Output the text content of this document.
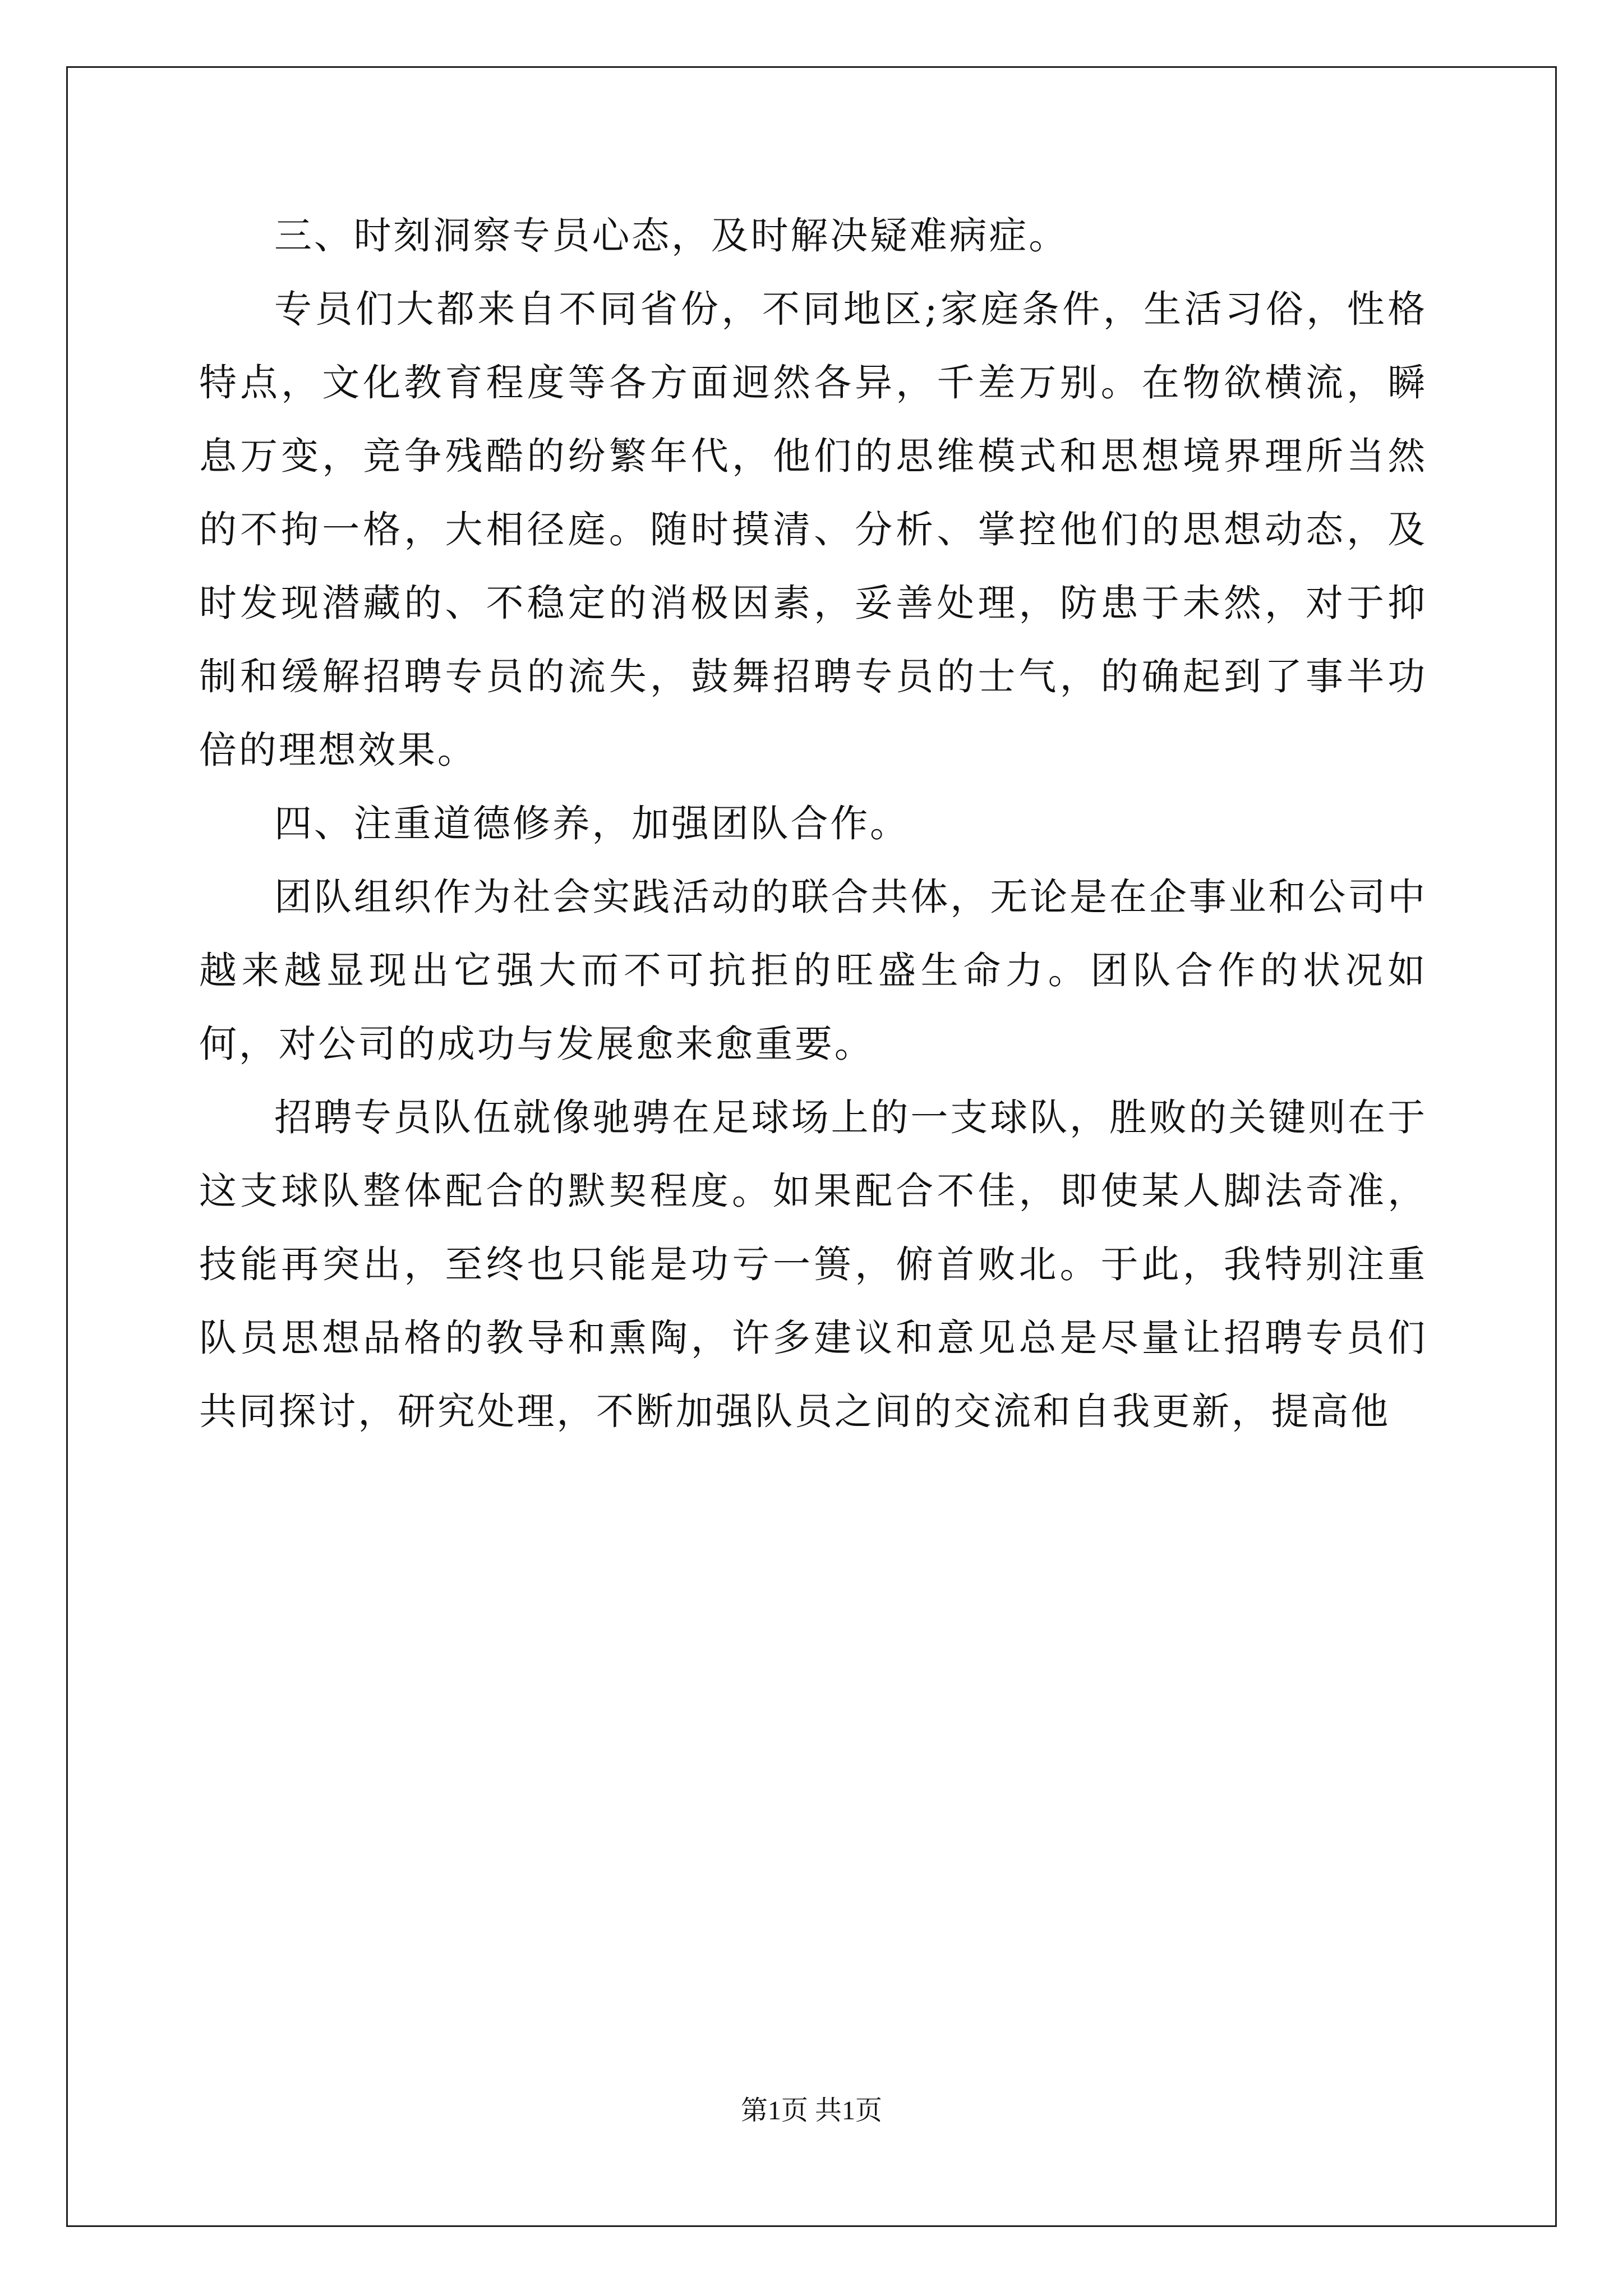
三、时刻洞察专员心态，及时解决疑难病症。

专员们大都来自不同省份，不同地区;家庭条件，生活习俗，性格特点，文化教育程度等各方面迥然各异，千差万别。在物欲横流，瞬息万变，竞争残酷的纷繁年代，他们的思维模式和思想境界理所当然的不拘一格，大相径庭。随时摸清、分析、掌控他们的思想动态，及时发现潜藏的、不稳定的消极因素，妥善处理，防患于未然，对于抑制和缓解招聘专员的流失，鼓舞招聘专员的士气，的确起到了事半功倍的理想效果。

四、注重道德修养，加强团队合作。

团队组织作为社会实践活动的联合共体，无论是在企事业和公司中越来越显现出它强大而不可抗拒的旺盛生命力。团队合作的状况如何，对公司的成功与发展愈来愈重要。

招聘专员队伍就像驰骋在足球场上的一支球队，胜败的关键则在于这支球队整体配合的默契程度。如果配合不佳，即使某人脚法奇准，技能再突出，至终也只能是功亏一篑，俯首败北。于此，我特别注重队员思想品格的教导和熏陶，许多建议和意见总是尽量让招聘专员们共同探讨，研究处理，不断加强队员之间的交流和自我更新，提高他

第1页 共1页
